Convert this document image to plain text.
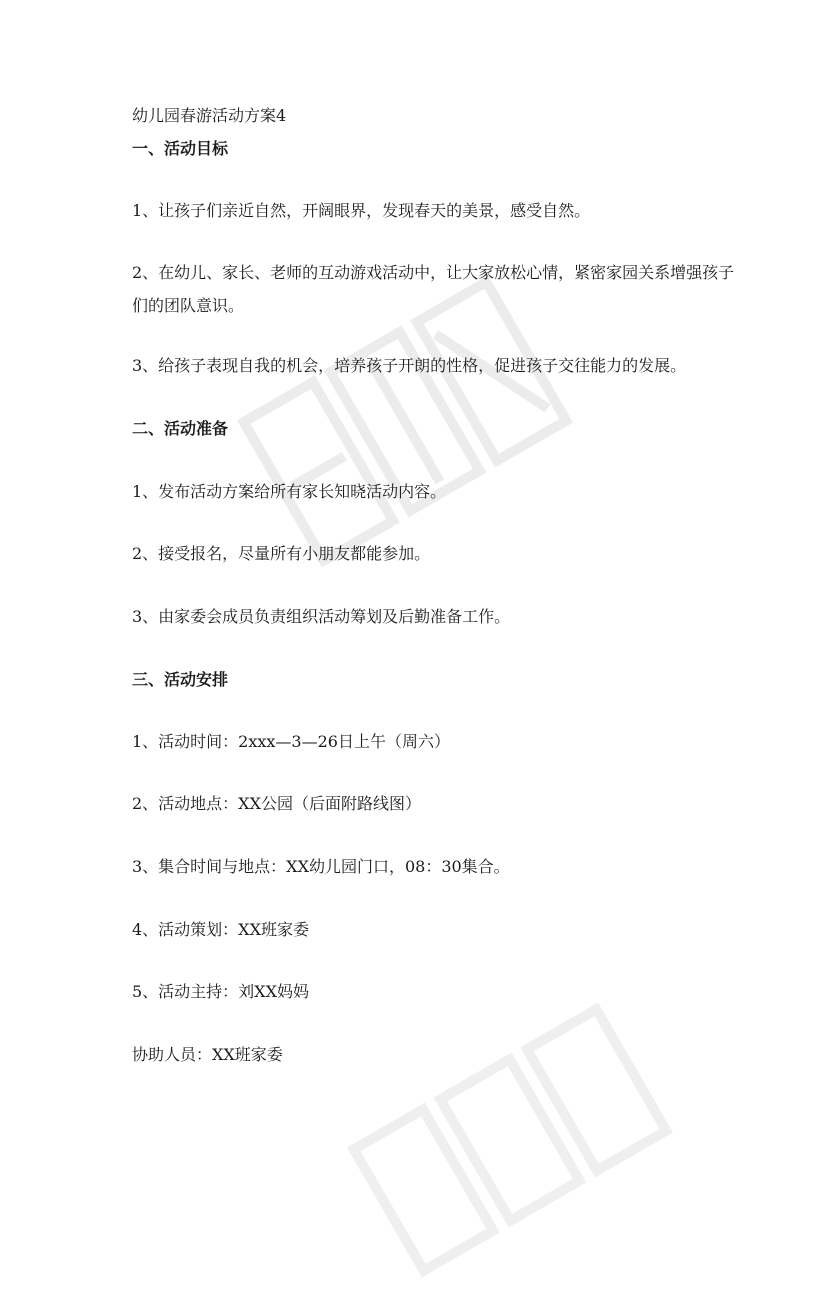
幼儿园春游活动方案4
一、活动目标
1、让孩子们亲近自然，开阔眼界，发现春天的美景，感受自然。
2、在幼儿、家长、老师的互动游戏活动中，让大家放松心情，紧密家园关系增强孩子们的团队意识。
3、给孩子表现自我的机会，培养孩子开朗的性格，促进孩子交往能力的发展。
二、活动准备
1、发布活动方案给所有家长知晓活动内容。
2、接受报名，尽量所有小朋友都能参加。
3、由家委会成员负责组织活动筹划及后勤准备工作。
三、活动安排
1、活动时间：2xxx—3—26日上午（周六）
2、活动地点：XX公园（后面附路线图）
3、集合时间与地点：XX幼儿园门口，08：30集合。
4、活动策划：XX班家委
5、活动主持：刘XX妈妈
协助人员：XX班家委
